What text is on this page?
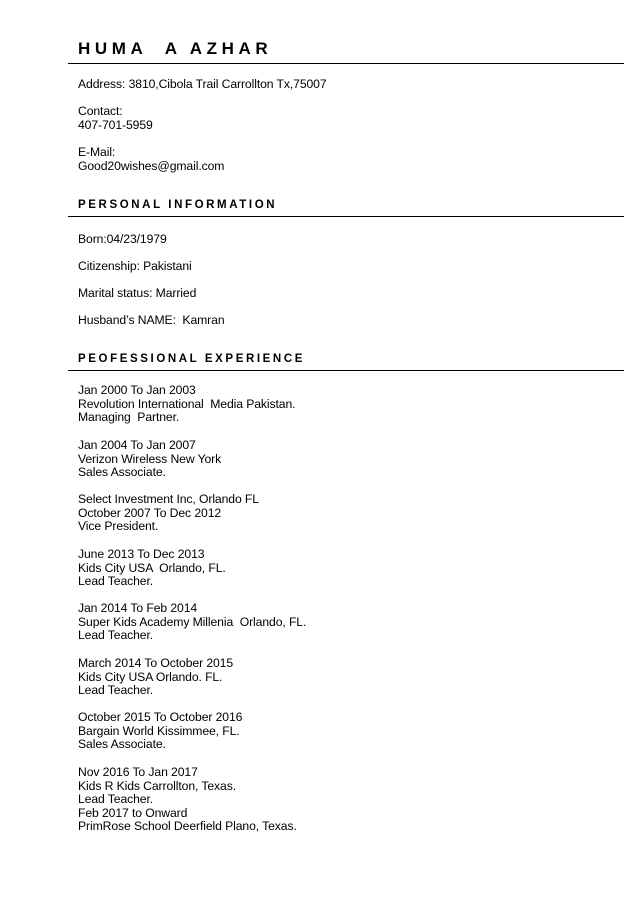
HUMA  A AZHAR
Address: 3810,Cibola Trail Carrollton Tx,75007
Contact:
407-701-5959
E-Mail:
Good20wishes@gmail.com
PERSONAL INFORMATION
Born:04/23/1979
Citizenship: Pakistani
Marital status: Married
Husband’s NAME:  Kamran
PEOFESSIONAL EXPERIENCE
Jan 2000 To Jan 2003
Revolution International  Media Pakistan.
Managing  Partner.
Jan 2004 To Jan 2007
Verizon Wireless New York
Sales Associate.
Select Investment Inc, Orlando FL
October 2007 To Dec 2012
Vice President.
June 2013 To Dec 2013
Kids City USA  Orlando, FL.
Lead Teacher.
Jan 2014 To Feb 2014
Super Kids Academy Millenia  Orlando, FL.
Lead Teacher.
March 2014 To October 2015
Kids City USA Orlando. FL.
Lead Teacher.
October 2015 To October 2016
Bargain World Kissimmee, FL.
Sales Associate.
Nov 2016 To Jan 2017
Kids R Kids Carrollton, Texas.
Lead Teacher.
Feb 2017 to Onward
PrimRose School Deerfield Plano, Texas.
